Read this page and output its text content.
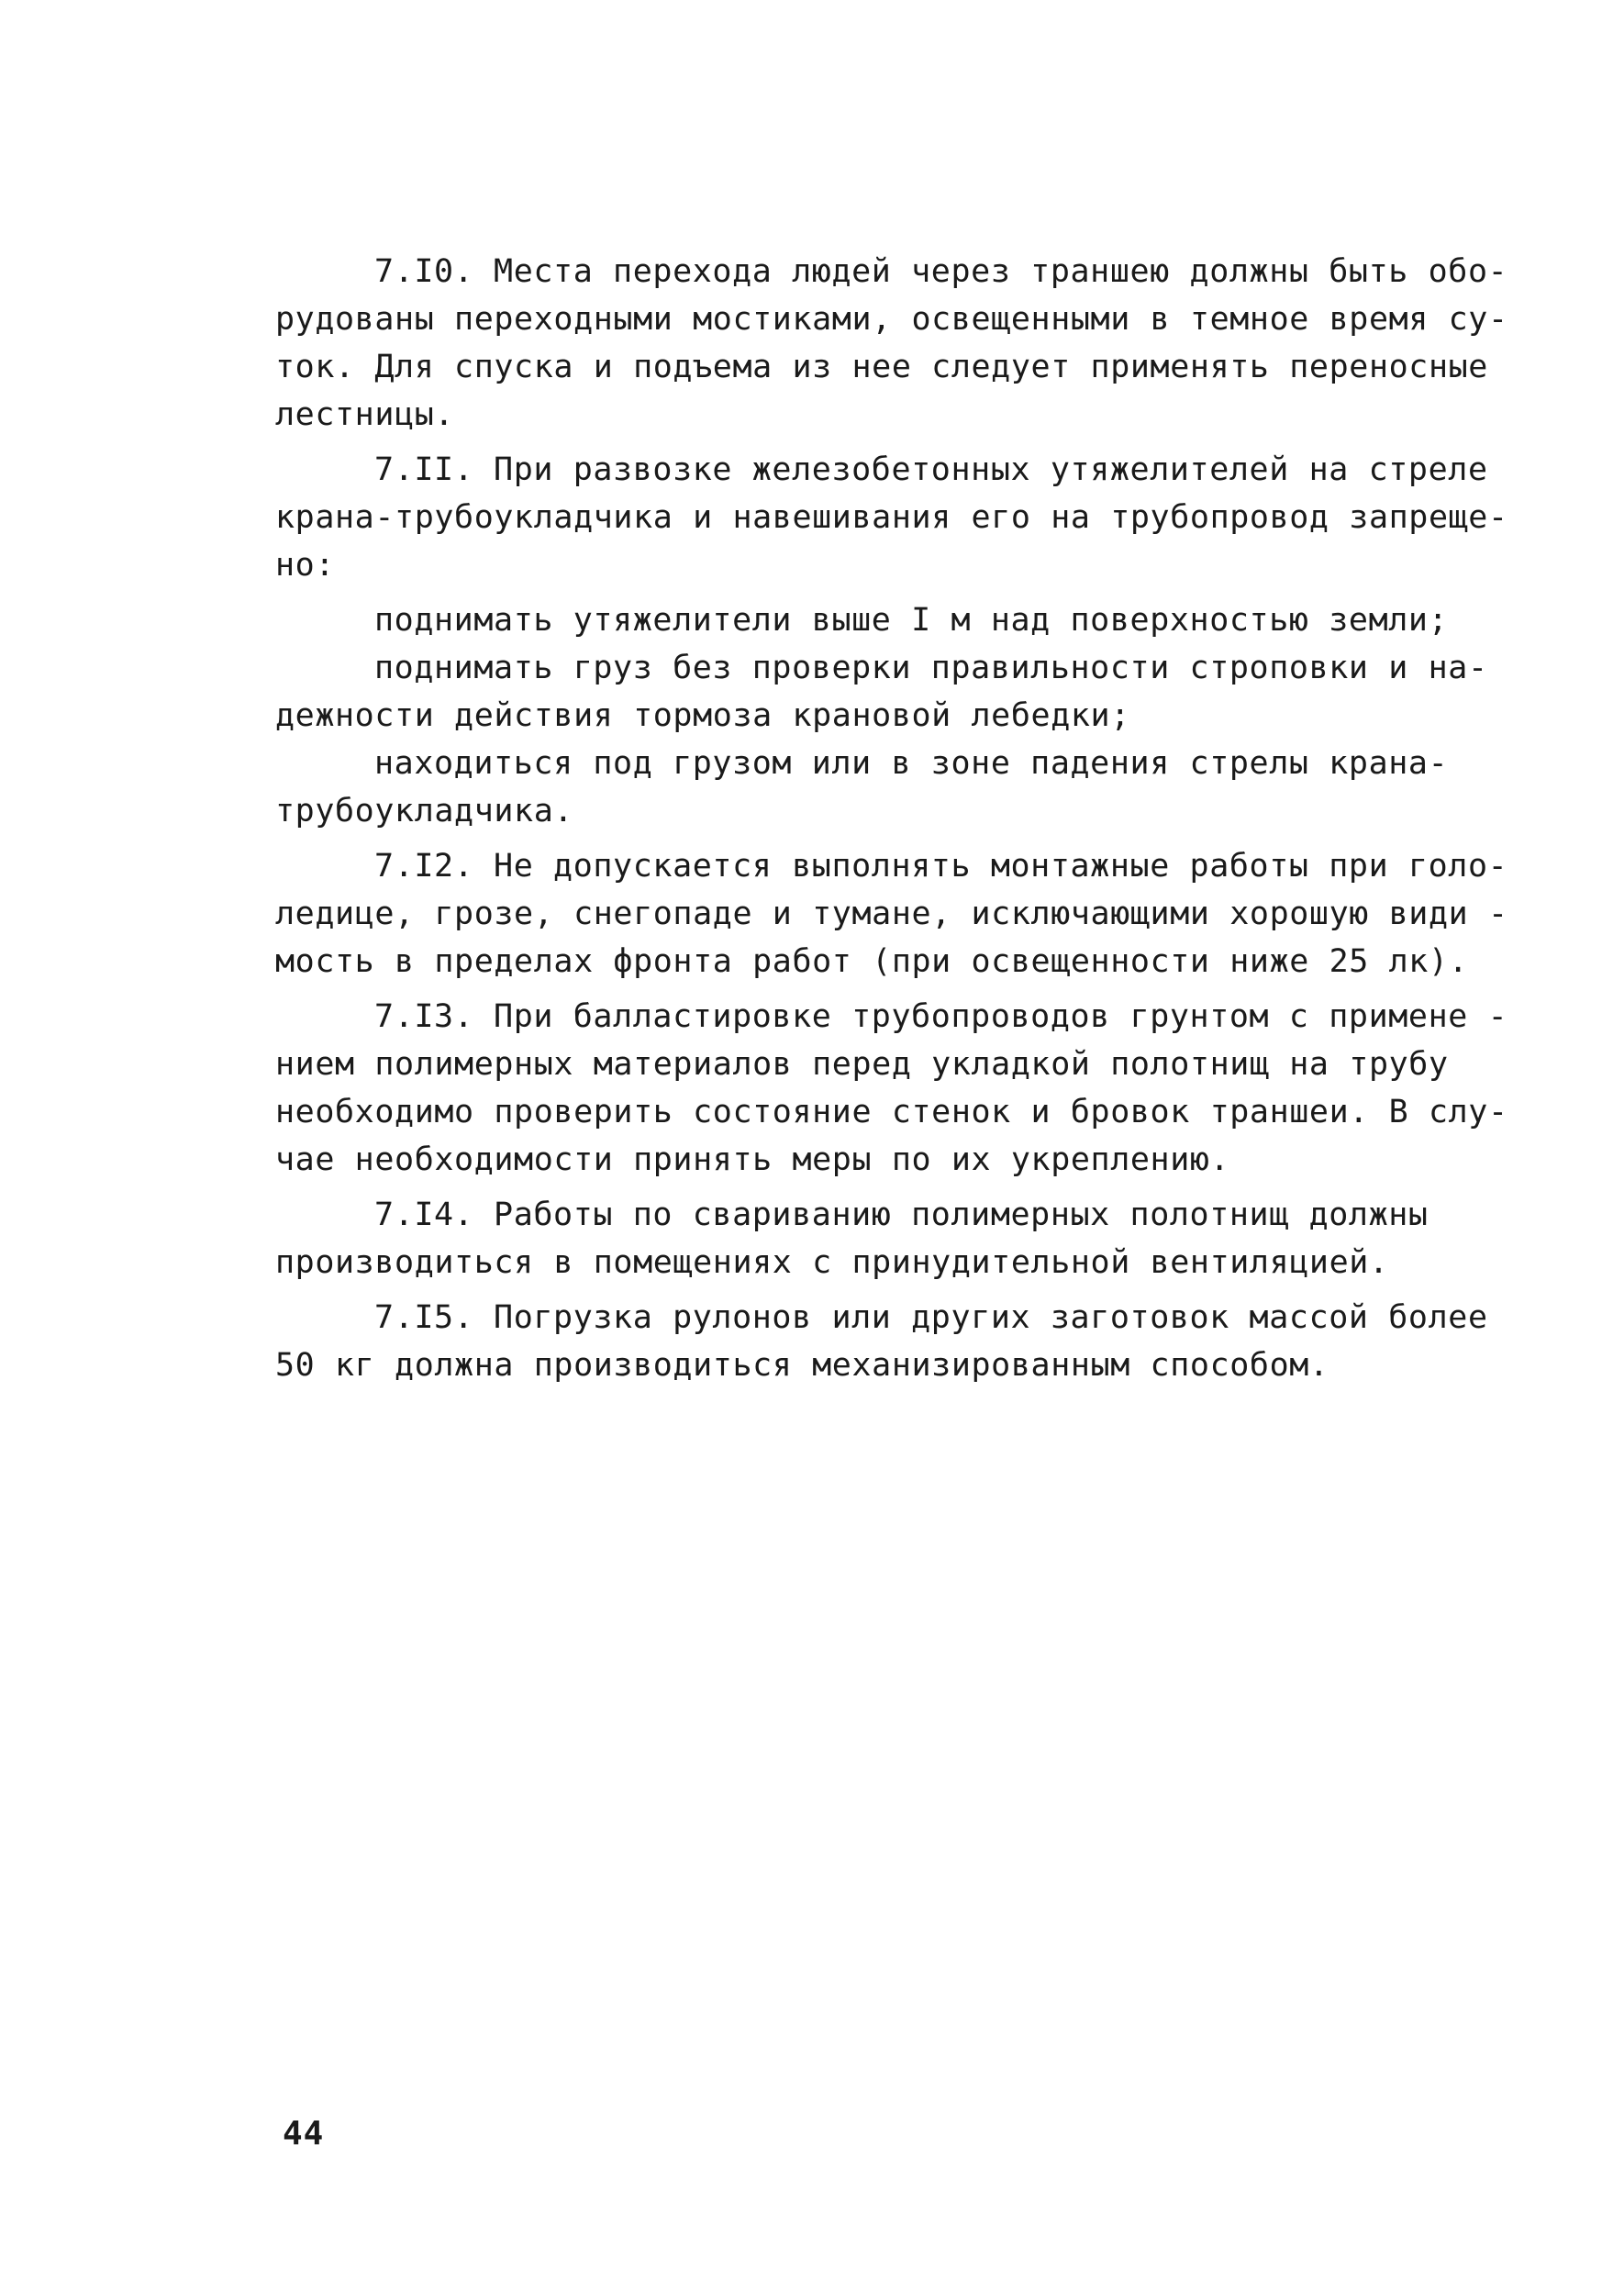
7.I0. Места перехода людей через траншею должны быть обо-
рудованы переходными мостиками, освещенными в темное время су-
ток. Для спуска и подъема из нее следует применять переносные
лестницы.
7.II. При развозке железобетонных утяжелителей на стреле
крана-трубоукладчика и навешивания его на трубопровод запреще-
но:
поднимать утяжелители выше I м над поверхностью земли;
поднимать груз без проверки правильности строповки и на-
дежности действия тормоза крановой лебедки;
находиться под грузом или в зоне падения стрелы крана-
трубоукладчика.
7.I2. Не допускается выполнять монтажные работы при голо-
ледице, грозе, снегопаде и тумане, исключающими хорошую види -
мость в пределах фронта работ (при освещенности ниже 25 лк).
7.I3. При балластировке трубопроводов грунтом с примене -
нием полимерных материалов перед укладкой полотнищ на трубу
необходимо проверить состояние стенок и бровок траншеи. В слу-
чае необходимости принять меры по их укреплению.
7.I4. Работы по свариванию полимерных полотнищ должны
производиться в помещениях с принудительной вентиляцией.
7.I5. Погрузка рулонов или других заготовок массой более
50 кг должна производиться механизированным способом.
44
